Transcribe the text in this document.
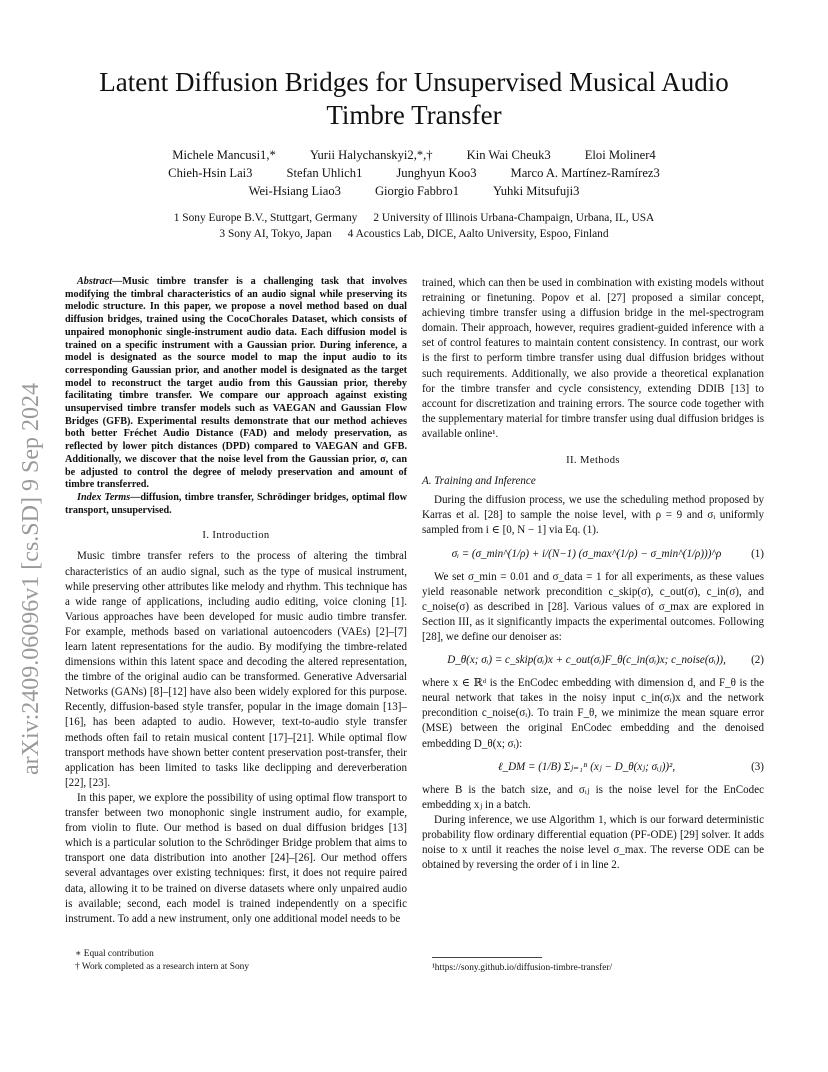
arXiv:2409.06096v1 [cs.SD] 9 Sep 2024
Latent Diffusion Bridges for Unsupervised Musical Audio
Timbre Transfer
Michele Mancusi1,*	Yurii Halychanskyi2,*,†	Kin Wai Cheuk3	Eloi Moliner4
Chieh-Hsin Lai3	Stefan Uhlich1	Junghyun Koo3	Marco A. Martínez-Ramírez3
Wei-Hsiang Liao3	Giorgio Fabbro1	Yuhki Mitsufuji3
1 Sony Europe B.V., Stuttgart, Germany 2 University of Illinois Urbana-Champaign, Urbana, IL, USA
3 Sony AI, Tokyo, Japan 4 Acoustics Lab, DICE, Aalto University, Espoo, Finland

Abstract—Music timbre transfer is a challenging task that involves modifying the timbral characteristics of an audio signal while preserving its melodic structure. In this paper, we propose a novel method based on dual diffusion bridges, trained using the CocoChorales Dataset, which consists of unpaired monophonic single-instrument audio data. Each diffusion model is trained on a specific instrument with a Gaussian prior. During inference, a model is designated as the source model to map the input audio to its corresponding Gaussian prior, and another model is designated as the target model to reconstruct the target audio from this Gaussian prior, thereby facilitating timbre transfer. We compare our approach against existing unsupervised timbre transfer models such as VAEGAN and Gaussian Flow Bridges (GFB). Experimental results demonstrate that our method achieves both better Fréchet Audio Distance (FAD) and melody preservation, as reflected by lower pitch distances (DPD) compared to VAEGAN and GFB. Additionally, we discover that the noise level from the Gaussian prior, σ, can be adjusted to control the degree of melody preservation and amount of timbre transferred.

Index Terms—diffusion, timbre transfer, Schrödinger bridges, optimal flow transport, unsupervised.

I. Introduction

Music timbre transfer refers to the process of altering the timbral characteristics of an audio signal, such as the type of musical instrument, while preserving other attributes like melody and rhythm. This technique has a wide range of applications, including audio editing, voice cloning [1]. Various approaches have been developed for music audio timbre transfer. For example, methods based on variational autoencoders (VAEs) [2]–[7] learn latent representations for the audio. By modifying the timbre-related dimensions within this latent space and decoding the altered representation, the timbre of the original audio can be transformed. Generative Adversarial Networks (GANs) [8]–[12] have also been widely explored for this purpose. Recently, diffusion-based style transfer, popular in the image domain [13]–[16], has been adapted to audio. However, text-to-audio style transfer methods often fail to retain musical content [17]–[21]. While optimal flow transport methods have shown better content preservation post-transfer, their application has been limited to tasks like declipping and dereverberation [22], [23].

In this paper, we explore the possibility of using optimal flow transport to transfer between two monophonic single instrument audio, for example, from violin to flute. Our method is based on dual diffusion bridges [13] which is a particular solution to the Schrödinger Bridge problem that aims to transport one data distribution into another [24]–[26]. Our method offers several advantages over existing techniques: first, it does not require paired data, allowing it to be trained on diverse datasets where only unpaired audio is available; second, each model is trained independently on a specific instrument. To add a new instrument, only one additional model needs to be

∗ Equal contribution
† Work completed as a research intern at Sony

trained, which can then be used in combination with existing models without retraining or finetuning. Popov et al. [27] proposed a similar concept, achieving timbre transfer using a diffusion bridge in the mel-spectrogram domain. Their approach, however, requires gradient-guided inference with a set of control features to maintain content consistency. In contrast, our work is the first to perform timbre transfer using dual diffusion bridges without such requirements. Additionally, we also provide a theoretical explanation for the timbre transfer and cycle consistency, extending DDIB [13] to account for discretization and training errors. The source code together with the supplementary material for timbre transfer using dual diffusion bridges is available online¹.

II. Methods
A. Training and Inference

During the diffusion process, we use the scheduling method proposed by Karras et al. [28] to sample the noise level, with ρ = 9 and σᵢ uniformly sampled from i ∈ [0, N − 1] via Eq. (1).

σᵢ = (σ_min^(1/ρ) + i/(N−1) (σ_max^(1/ρ) − σ_min^(1/ρ)))^ρ	(1)

We set σ_min = 0.01 and σ_data = 1 for all experiments, as these values yield reasonable network precondition c_skip(σ), c_out(σ), c_in(σ), and c_noise(σ) as described in [28]. Various values of σ_max are explored in Section III, as it significantly impacts the experimental outcomes. Following [28], we define our denoiser as:

D_θ(x; σᵢ) = c_skip(σᵢ)x + c_out(σᵢ)F_θ(c_in(σᵢ)x; c_noise(σᵢ)),	(2)

where x ∈ ℝᵈ is the EnCodec embedding with dimension d, and F_θ is the neural network that takes in the noisy input c_in(σᵢ)x and the network precondition c_noise(σᵢ). To train F_θ, we minimize the mean square error (MSE) between the original EnCodec embedding and the denoised embedding D_θ(x; σᵢ):

ℓ_DM = (1/B) Σⱼ₌₁ᴮ (xⱼ − D_θ(xⱼ; σᵢⱼ))²,	(3)

where B is the batch size, and σᵢⱼ is the noise level for the EnCodec embedding xⱼ in a batch.

During inference, we use Algorithm 1, which is our forward deterministic probability flow ordinary differential equation (PF-ODE) [29] solver. It adds noise to x until it reaches the noise level σ_max. The reverse ODE can be obtained by reversing the order of i in line 2.

¹https://sony.github.io/diffusion-timbre-transfer/
